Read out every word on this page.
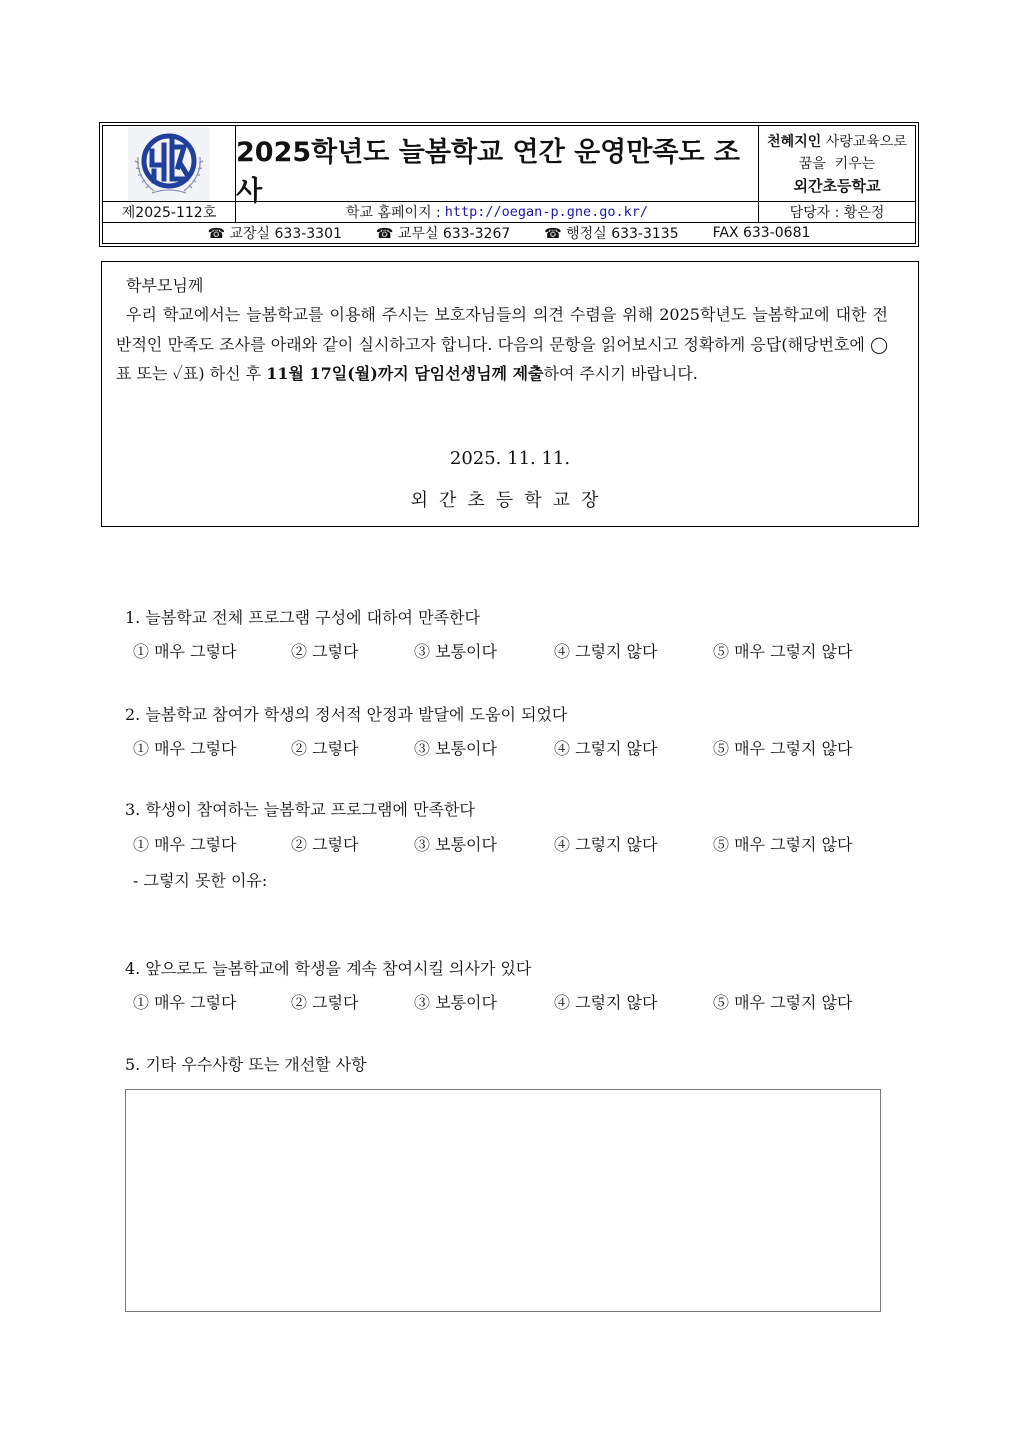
2025학년도 늘봄학교 연간 운영만족도 조사
천혜지인 사랑교육으로
꿈을  키우는
외간초등학교
제2025-112호	학교 홈페이지 : http://oegan-p.gne.go.kr/	담당자 : 황은정
☎ 교장실 633-3301 ☎ 교무실 633-3267 ☎ 행정실 633-3135 FAX 633-0681

학부모님께

우리 학교에서는 늘봄학교를 이용해 주시는 보호자님들의 의견 수렴을 위해 2025학년도 늘봄학교에 대한 전반적인 만족도 조사를 아래와 같이 실시하고자 합니다. 다음의 문항을 읽어보시고 정확하게 응답(해당번호에 ◯표 또는 ✓표) 하신 후 11월 17일(월)까지 담임선생님께 제출하여 주시기 바랍니다.

2025. 11. 11.
외간초등학교장
1. 늘봄학교 전체 프로그램 구성에 대하여 만족한다
① 매우 그렇다	② 그렇다	③ 보통이다	④ 그렇지 않다	⑤ 매우 그렇지 않다
2. 늘봄학교 참여가 학생의 정서적 안정과 발달에 도움이 되었다
① 매우 그렇다	② 그렇다	③ 보통이다	④ 그렇지 않다	⑤ 매우 그렇지 않다
3. 학생이 참여하는 늘봄학교 프로그램에 만족한다
① 매우 그렇다	② 그렇다	③ 보통이다	④ 그렇지 않다	⑤ 매우 그렇지 않다
- 그렇지 못한 이유:
4. 앞으로도 늘봄학교에 학생을 계속 참여시킬 의사가 있다
① 매우 그렇다	② 그렇다	③ 보통이다	④ 그렇지 않다	⑤ 매우 그렇지 않다
5. 기타 우수사항 또는 개선할 사항
